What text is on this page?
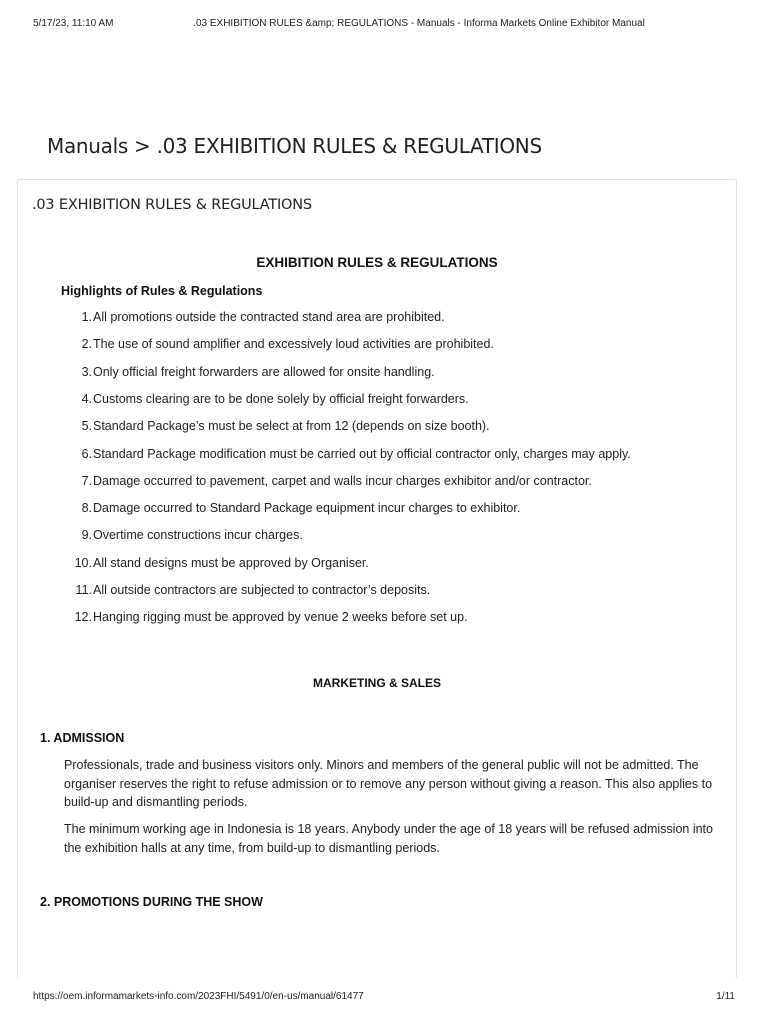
5/17/23, 11:10 AM	.03 EXHIBITION RULES &amp; REGULATIONS - Manuals - Informa Markets Online Exhibitor Manual
Manuals > .03 EXHIBITION RULES & REGULATIONS
.03 EXHIBITION RULES & REGULATIONS
EXHIBITION RULES & REGULATIONS
Highlights of Rules & Regulations
1. All promotions outside the contracted stand area are prohibited.
2. The use of sound amplifier and excessively loud activities are prohibited.
3. Only official freight forwarders are allowed for onsite handling.
4. Customs clearing are to be done solely by official freight forwarders.
5. Standard Package’s must be select at from 12 (depends on size booth).
6. Standard Package modification must be carried out by official contractor only, charges may apply.
7. Damage occurred to pavement, carpet and walls incur charges exhibitor and/or contractor.
8. Damage occurred to Standard Package equipment incur charges to exhibitor.
9. Overtime constructions incur charges.
10. All stand designs must be approved by Organiser.
11. All outside contractors are subjected to contractor’s deposits.
12. Hanging rigging must be approved by venue 2 weeks before set up.
MARKETING & SALES
1. ADMISSION

Professionals, trade and business visitors only. Minors and members of the general public will not be admitted. The organiser reserves the right to refuse admission or to remove any person without giving a reason. This also applies to build-up and dismantling periods.

The minimum working age in Indonesia is 18 years. Anybody under the age of 18 years will be refused admission into the exhibition halls at any time, from build-up to dismantling periods.

2. PROMOTIONS DURING THE SHOW
https://oem.informamarkets-info.com/2023FHI/5491/0/en-us/manual/61477	1/11
